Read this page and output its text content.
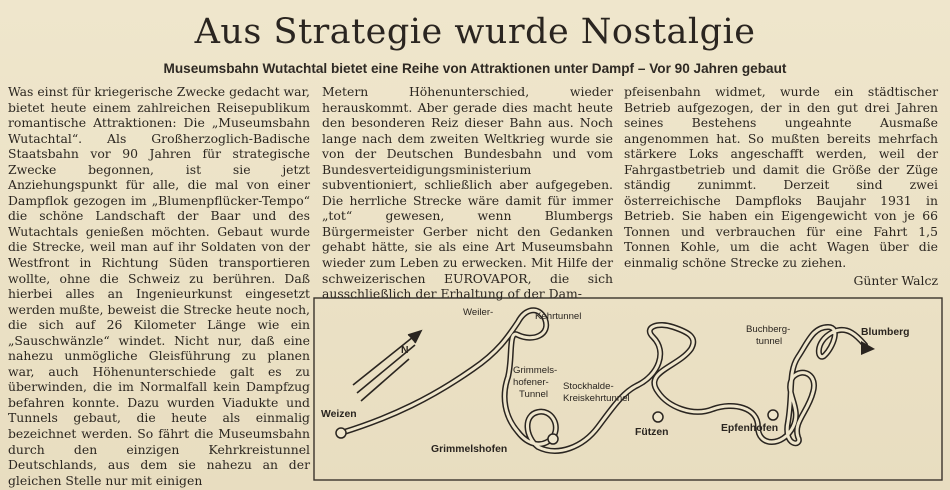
Aus Strategie wurde Nostalgie
Museumsbahn Wutachtal bietet eine Reihe von Attraktionen unter Dampf – Vor 90 Jahren gebaut

Was einst für kriegerische Zwecke gedacht war, bietet heute einem zahlreichen Reisepublikum romantische Attraktionen: Die „Museumsbahn Wutachtal“. Als Großherzoglich-Badische Staatsbahn vor 90 Jahren für strategische Zwecke begonnen, ist sie jetzt Anziehungspunkt für alle, die mal von einer Dampflok gezogen im „Blumenpflücker-Tempo“ die schöne Landschaft der Baar und des Wutachtals genießen möchten. Gebaut wurde die Strecke, weil man auf ihr Soldaten von der Westfront in Richtung Süden transportieren wollte, ohne die Schweiz zu berühren. Daß hierbei alles an Ingenieurkunst eingesetzt werden mußte, beweist die Strecke heute noch, die sich auf 26 Kilometer Länge wie ein „Sauschwänzle“ windet. Nicht nur, daß eine nahezu unmögliche Gleisführung zu planen war, auch Höhenunterschiede galt es zu überwinden, die im Normalfall kein Dampfzug befahren konnte. Dazu wurden Viadukte und Tunnels gebaut, die heute als einmalig bezeichnet werden. So fährt die Museumsbahn durch den einzigen Kehrkreistunnel Deutschlands, aus dem sie nahezu an der gleichen Stelle nur mit einigen

Metern Höhenunterschied, wieder herauskommt. Aber gerade dies macht heute den besonderen Reiz dieser Bahn aus. Noch lange nach dem zweiten Weltkrieg wurde sie von der Deutschen Bundesbahn und vom Bundesverteidigungsministerium subventioniert, schließlich aber aufgegeben. Die herrliche Strecke wäre damit für immer „tot“ gewesen, wenn Blumbergs Bürgermeister Gerber nicht den Gedanken gehabt hätte, sie als eine Art Museumsbahn wieder zum Leben zu erwecken. Mit Hilfe der schweizerischen EUROVAPOR, die sich ausschließlich der Erhaltung of der Dam-

pfeisenbahn widmet, wurde ein städtischer Betrieb aufgezogen, der in den gut drei Jahren seines Bestehens ungeahnte Ausmaße angenommen hat. So mußten bereits mehrfach stärkere Loks angeschafft werden, weil der Fahrgastbetrieb und damit die Größe der Züge ständig zunimmt. Derzeit sind zwei österreichische Dampfloks Baujahr 1931 in Betrieb. Sie haben ein Eigengewicht von je 66 Tonnen und verbrauchen für eine Fahrt 1,5 Tonnen Kohle, um die acht Wagen über die einmalig schöne Strecke zu ziehen.

Günter Walcz
Weiler-	Kehrtunnel
Grimmels-
hofener-
Tunnel
Stockhalde-
Kreiskehrtunnel
Buchberg-
tunnel
Weizen
Grimmelshofen
Fützen	Epfenhofen
Blumberg
N
